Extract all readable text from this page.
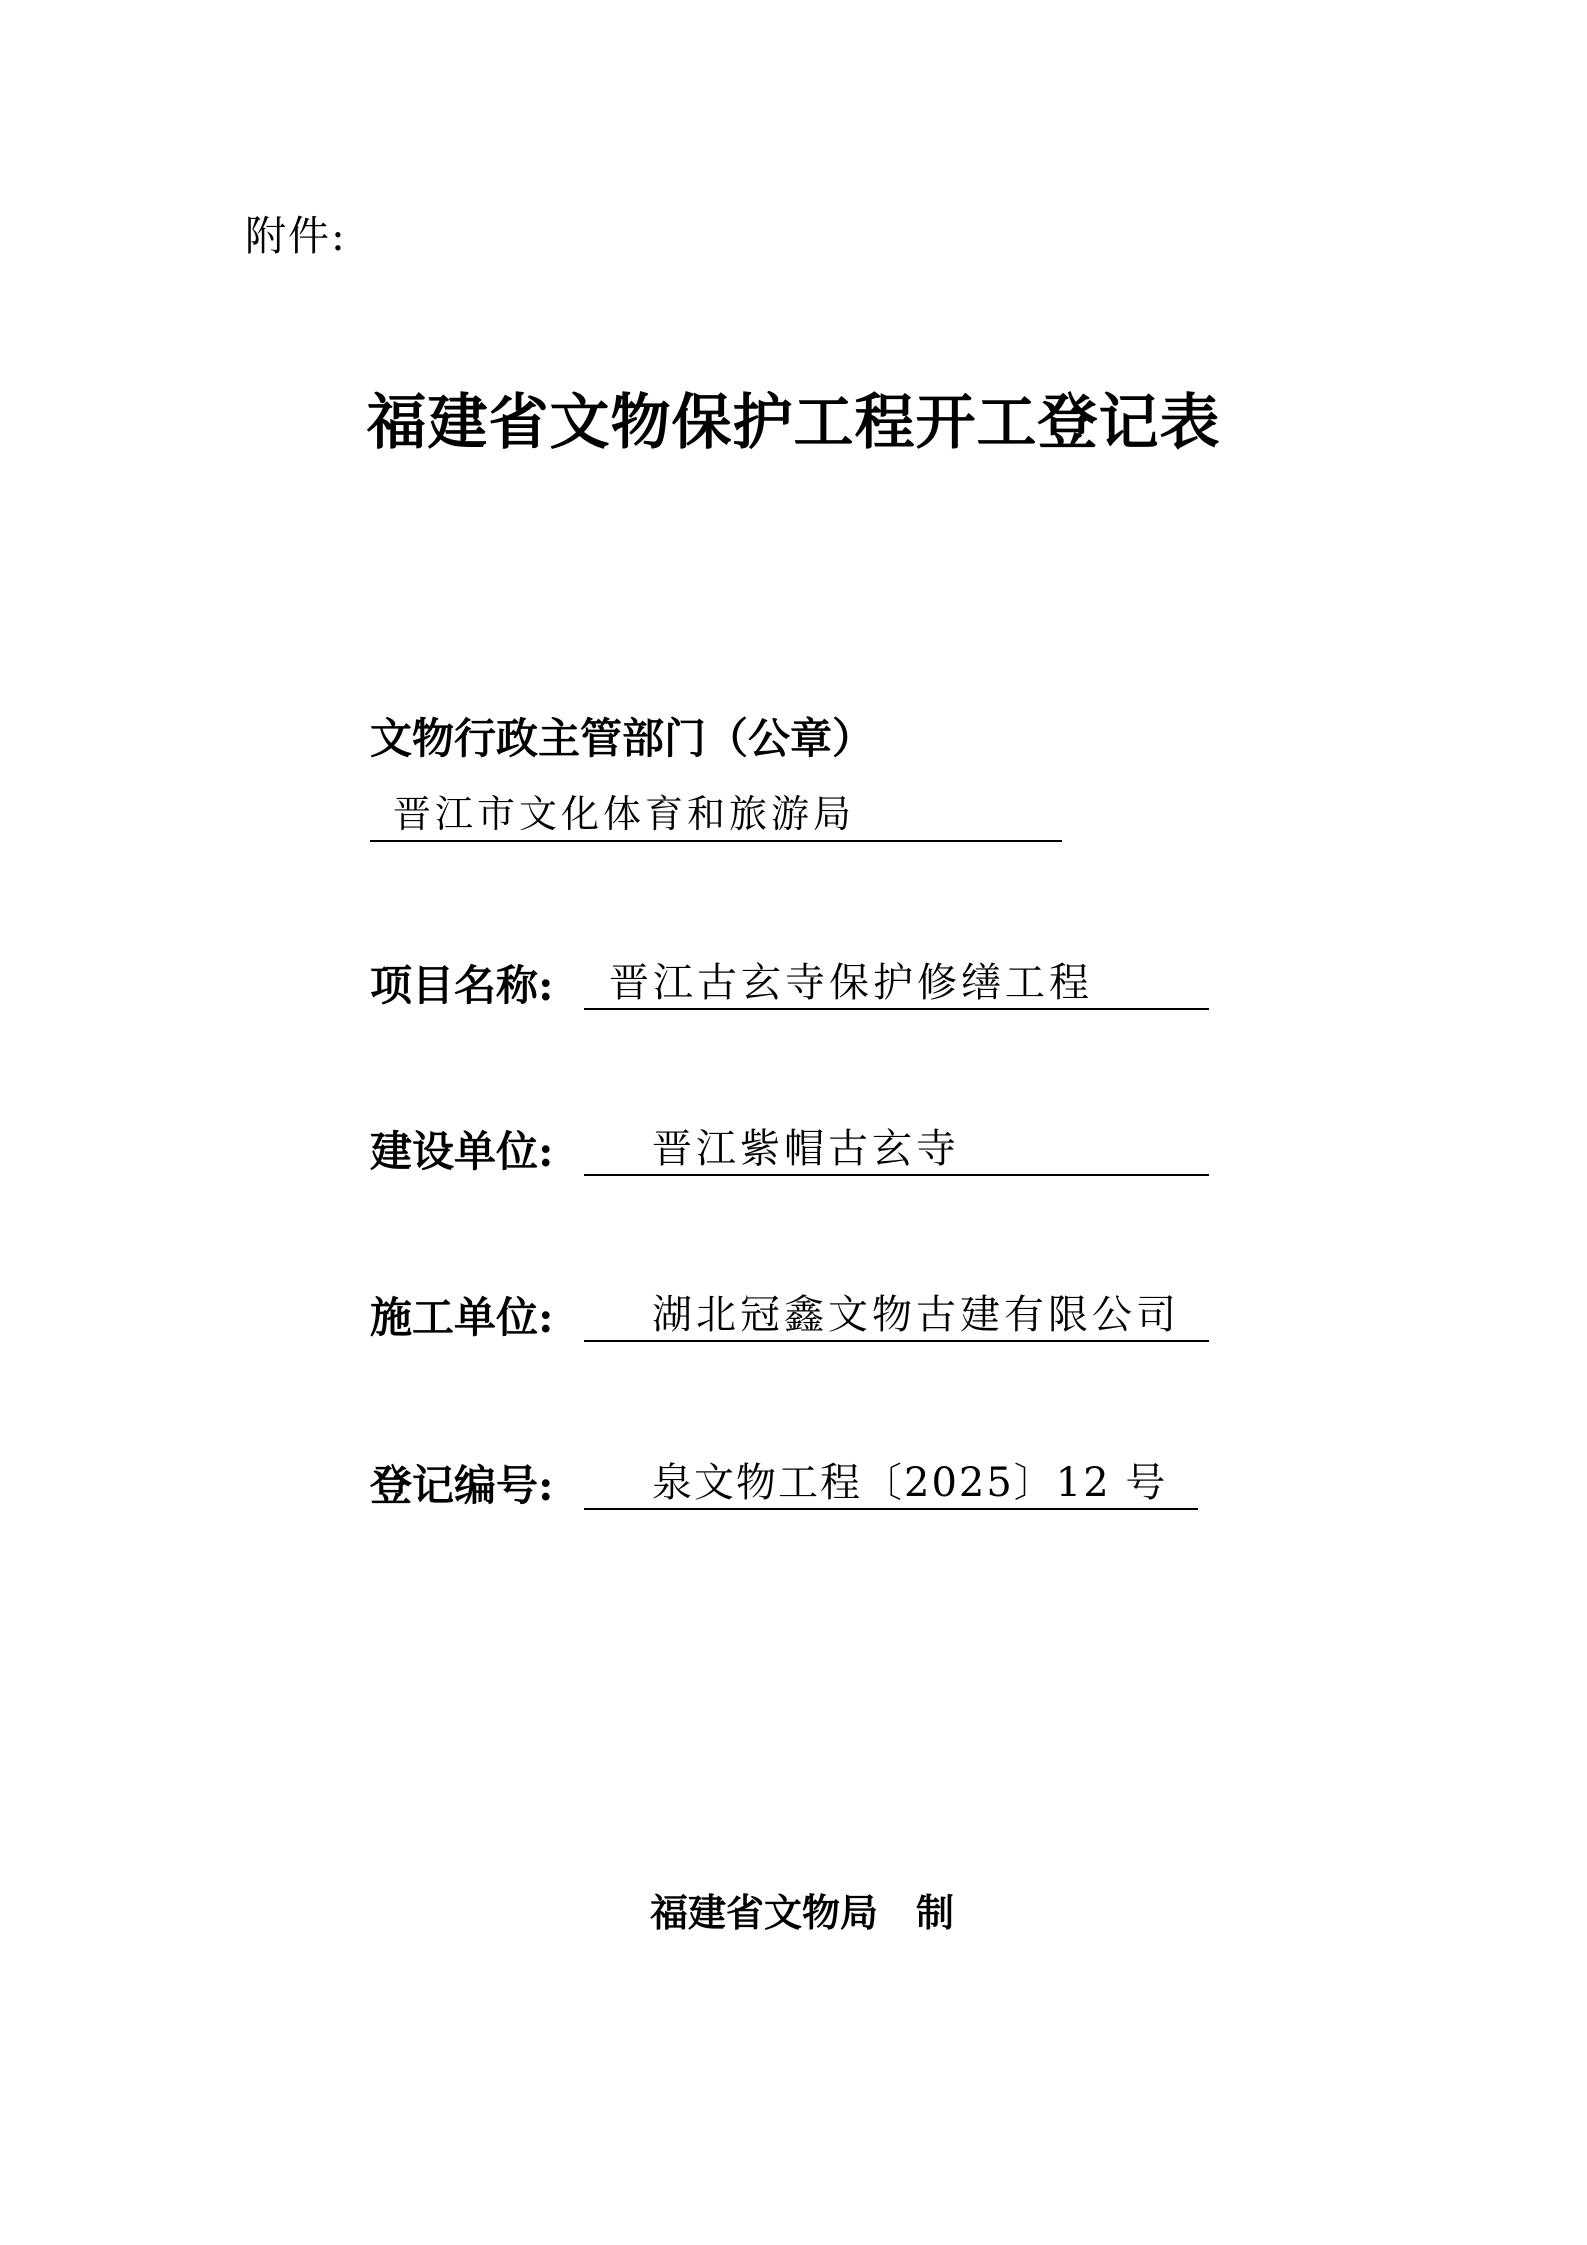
附件:
福建省文物保护工程开工登记表
文物行政主管部门（公章）
晋江市文化体育和旅游局
项目名称:	晋江古玄寺保护修缮工程
建设单位:	晋江紫帽古玄寺
施工单位:	湖北冠鑫文物古建有限公司
登记编号:	泉文物工程〔2025〕12 号
福建省文物局　制
